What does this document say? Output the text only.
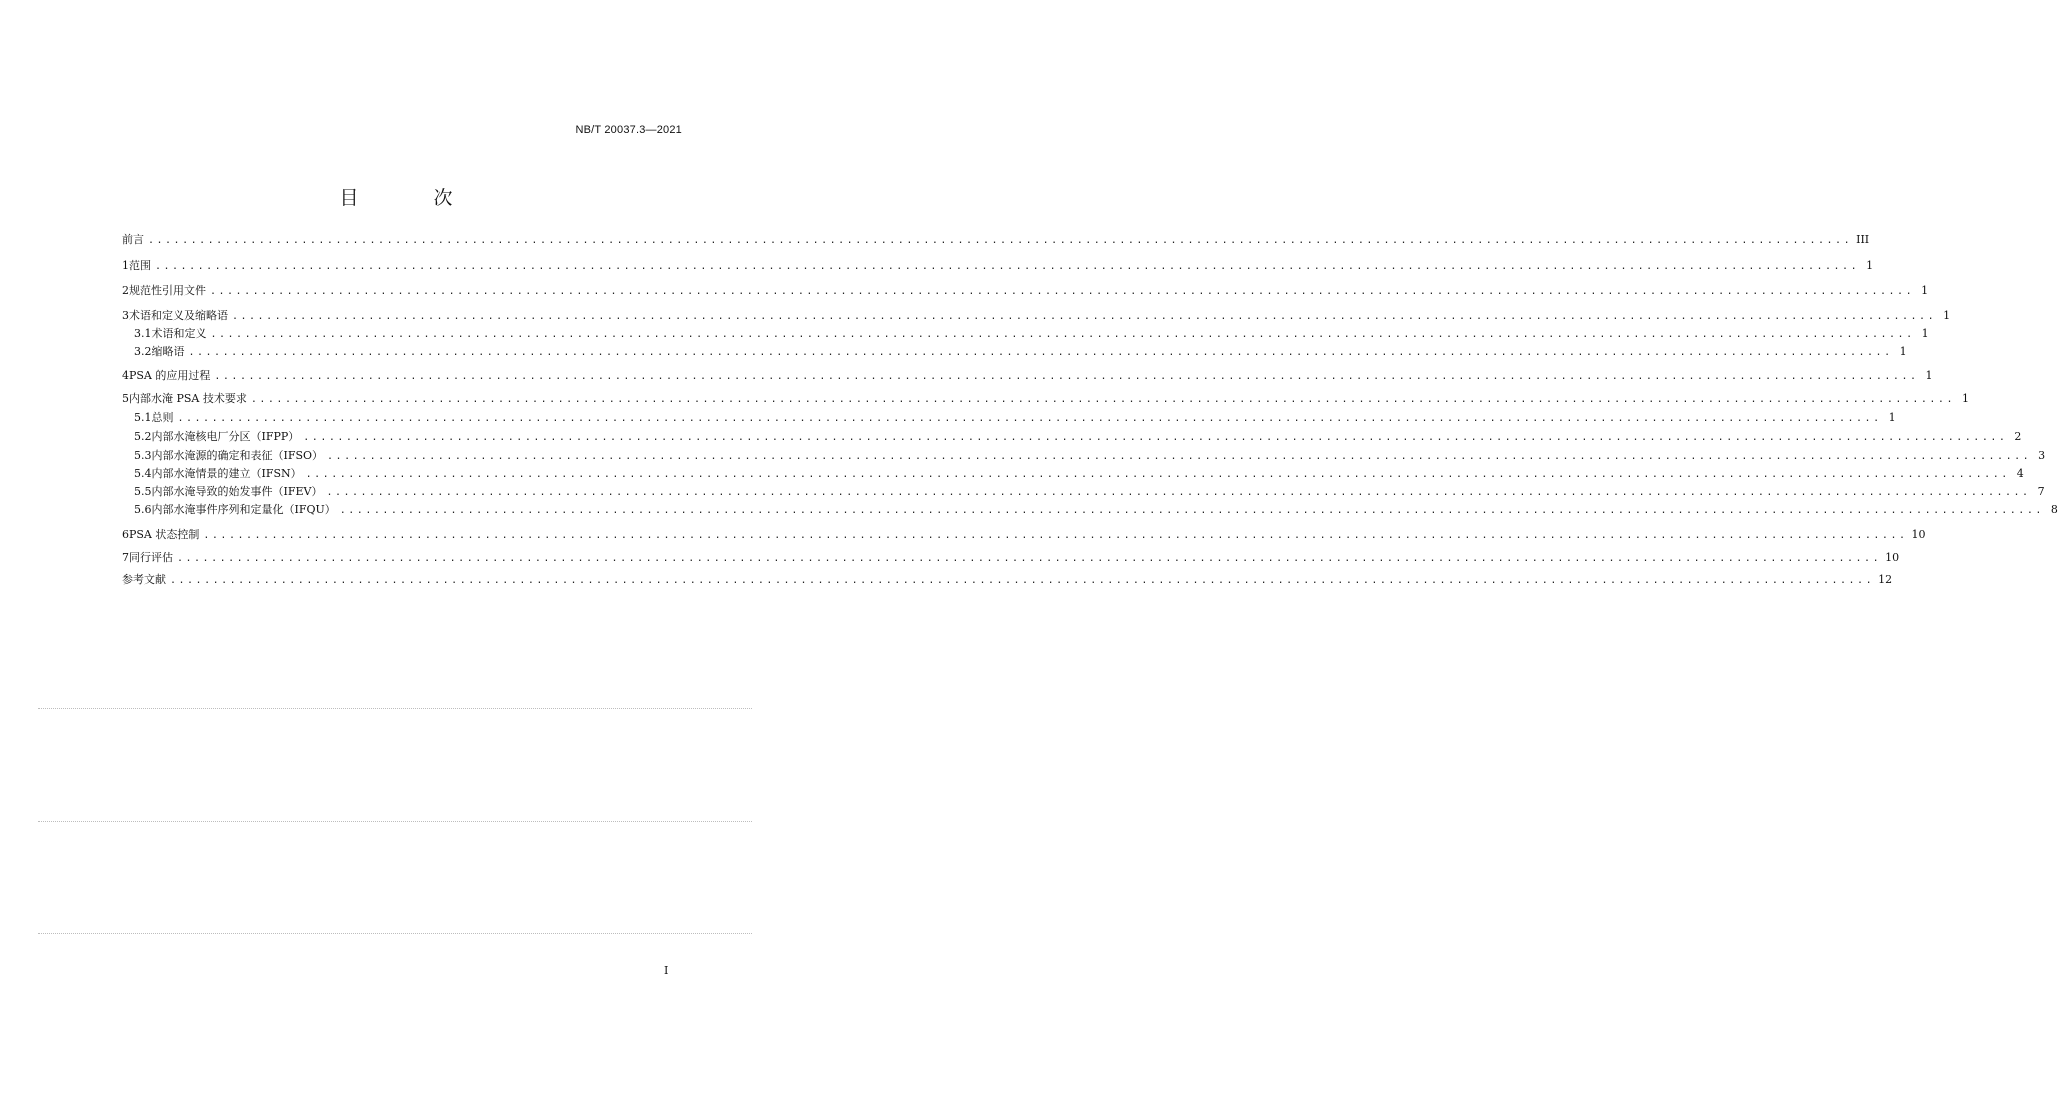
NB/T 20037.3—2021
目　次
前言 ........................................................................................................................................................................................................ III
1 范围 ........................................................................................................................................................................................................ 1
2 规范性引用文件 ........................................................................................................................................................................................................ 1
3 术语和定义及缩略语 ........................................................................................................................................................................................................ 1
3.1 术语和定义 ........................................................................................................................................................................................................ 1
3.2 缩略语 ........................................................................................................................................................................................................ 1
4 PSA 的应用过程 ........................................................................................................................................................................................................ 1
5 内部水淹 PSA 技术要求 ........................................................................................................................................................................................................ 1
5.1 总则 ........................................................................................................................................................................................................ 1
5.2 内部水淹核电厂分区（IFPP） ........................................................................................................................................................................................................ 2
5.3 内部水淹源的确定和表征（IFSO） ........................................................................................................................................................................................................ 3
5.4 内部水淹情景的建立（IFSN） ........................................................................................................................................................................................................ 4
5.5 内部水淹导致的始发事件（IFEV） ........................................................................................................................................................................................................ 7
5.6 内部水淹事件序列和定量化（IFQU） ........................................................................................................................................................................................................ 8
6 PSA 状态控制 ........................................................................................................................................................................................................ 10
7 同行评估 ........................................................................................................................................................................................................ 10
参考文献 ........................................................................................................................................................................................................ 12
I
